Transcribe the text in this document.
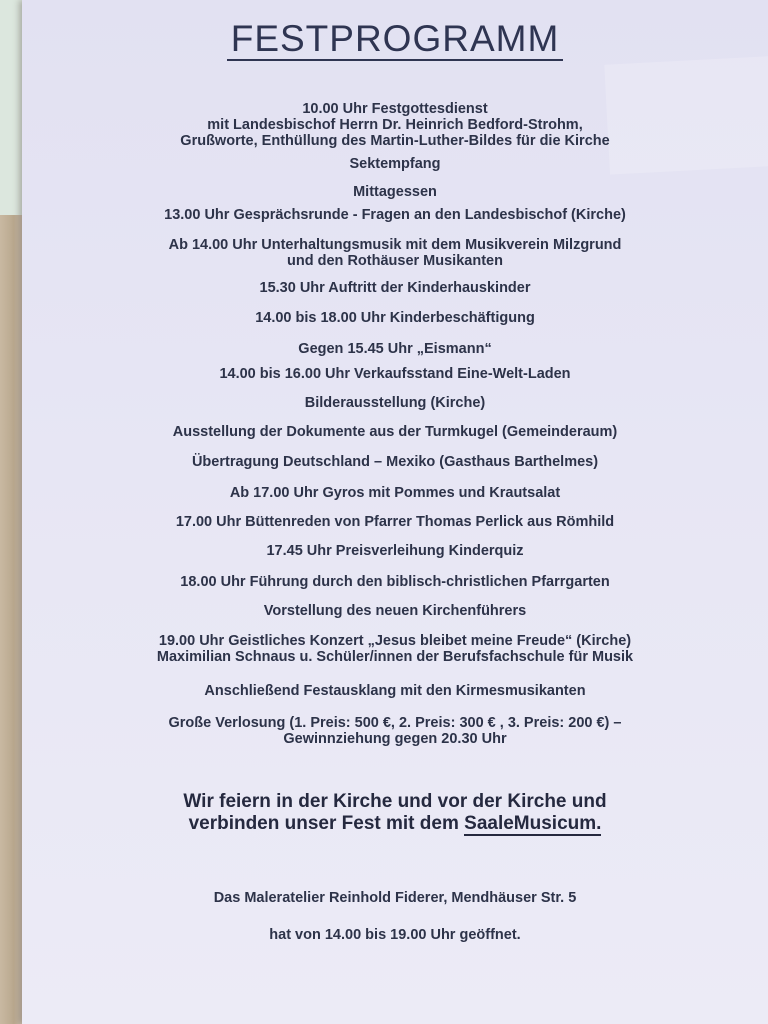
FESTPROGRAMM
10.00 Uhr Festgottesdienst
mit Landesbischof Herrn Dr. Heinrich Bedford-Strohm,
Grußworte, Enthüllung des Martin-Luther-Bildes für die Kirche
Sektempfang
Mittagessen
13.00 Uhr Gesprächsrunde - Fragen an den Landesbischof (Kirche)
Ab 14.00 Uhr Unterhaltungsmusik mit dem Musikverein Milzgrund
und den Rothäuser Musikanten
15.30 Uhr Auftritt der Kinderhauskinder
14.00 bis 18.00 Uhr Kinderbeschäftigung
Gegen 15.45 Uhr „Eismann“
14.00 bis 16.00 Uhr Verkaufsstand Eine-Welt-Laden
Bilderausstellung (Kirche)
Ausstellung der Dokumente aus der Turmkugel (Gemeinderaum)
Übertragung Deutschland – Mexiko (Gasthaus Barthelmes)
Ab 17.00 Uhr Gyros mit Pommes und Krautsalat
17.00 Uhr Büttenreden von Pfarrer Thomas Perlick aus Römhild
17.45 Uhr Preisverleihung Kinderquiz
18.00 Uhr Führung durch den biblisch-christlichen Pfarrgarten
Vorstellung des neuen Kirchenführers
19.00 Uhr Geistliches Konzert „Jesus bleibet meine Freude“ (Kirche)
Maximilian Schnaus u. Schüler/innen der Berufsfachschule für Musik
Anschließend Festausklang mit den Kirmesmusikanten
Große Verlosung (1. Preis: 500 €, 2. Preis: 300 € , 3. Preis: 200 €) –
Gewinnziehung gegen 20.30 Uhr
Wir feiern in der Kirche und vor der Kirche und
verbinden unser Fest mit dem SaaleMusicum.
Das Maleratelier Reinhold Fiderer, Mendhäuser Str. 5
hat von 14.00 bis 19.00 Uhr geöffnet.
